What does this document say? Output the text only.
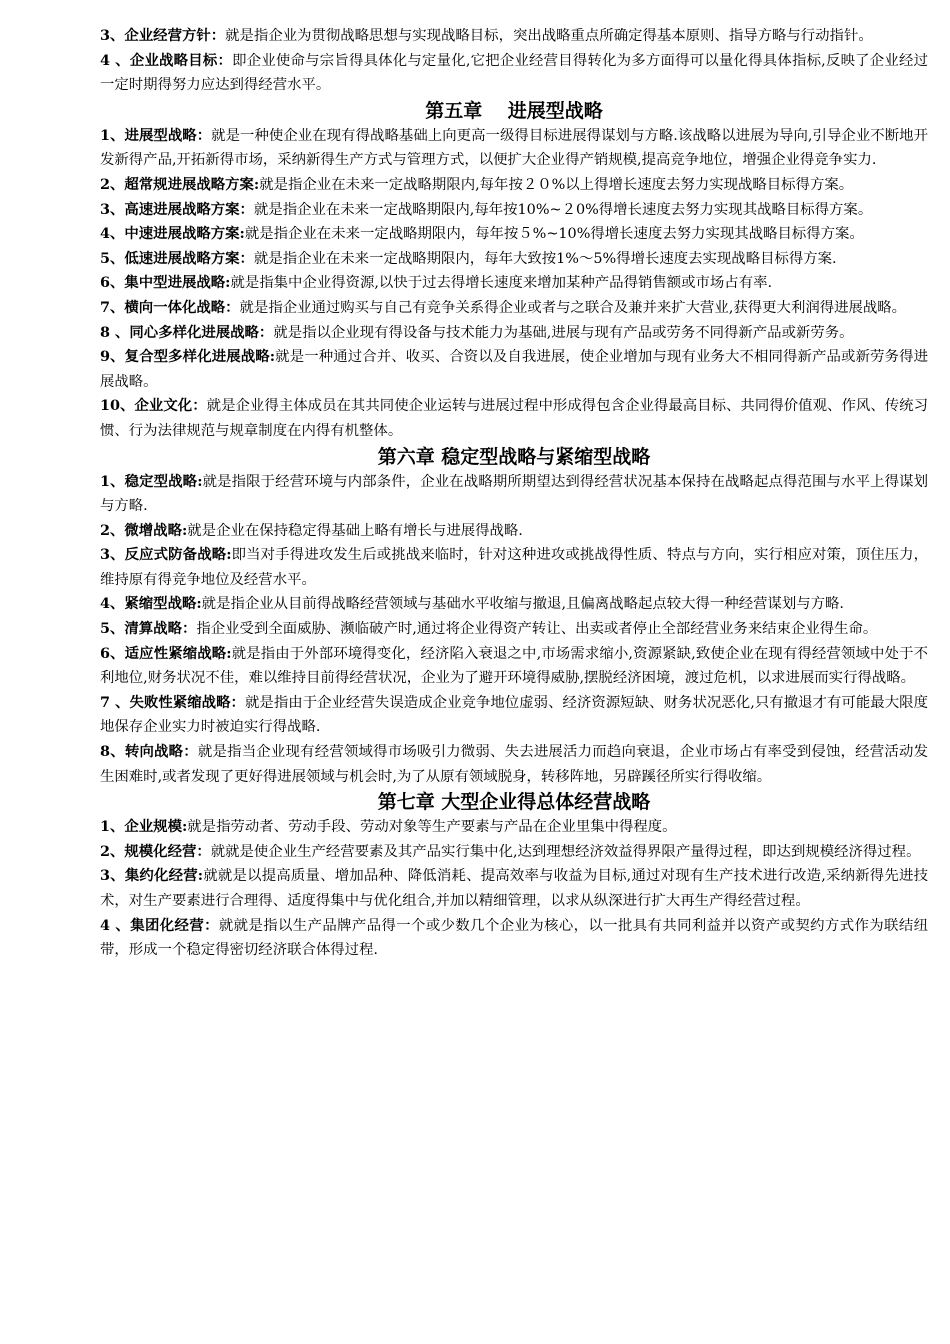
3、企业经营方针：就是指企业为贯彻战略思想与实现战略目标，突出战略重点所确定得基本原则、指导方略与行动指针。

4 、企业战略目标：即企业使命与宗旨得具体化与定量化,它把企业经营目得转化为多方面得可以量化得具体指标,反映了企业经过一定时期得努力应达到得经营水平。

第五章　 进展型战略

1、进展型战略：就是一种使企业在现有得战略基础上向更高一级得目标进展得谋划与方略.该战略以进展为导向,引导企业不断地开发新得产品,开拓新得市场，采纳新得生产方式与管理方式，以便扩大企业得产销规模,提高竞争地位，增强企业得竞争实力.

2、超常规进展战略方案:就是指企业在未来一定战略期限内,每年按２０%以上得增长速度去努力实现战略目标得方案。

3、高速进展战略方案：就是指企业在未来一定战略期限内,每年按10%~２0%得增长速度去努力实现其战略目标得方案。

4、中速进展战略方案:就是指企业在未来一定战略期限内，每年按５%~10%得增长速度去努力实现其战略目标得方案。

5、低速进展战略方案：就是指企业在未来一定战略期限内，每年大致按1%～5%得增长速度去实现战略目标得方案.

6、集中型进展战略:就是指集中企业得资源,以快于过去得增长速度来增加某种产品得销售额或市场占有率.

7、横向一体化战略：就是指企业通过购买与自己有竞争关系得企业或者与之联合及兼并来扩大营业,获得更大利润得进展战略。

8 、同心多样化进展战略：就是指以企业现有得设备与技术能力为基础,进展与现有产品或劳务不同得新产品或新劳务。

9、复合型多样化进展战略:就是一种通过合并、收买、合资以及自我进展，使企业增加与现有业务大不相同得新产品或新劳务得进展战略。

10、企业文化：就是企业得主体成员在其共同使企业运转与进展过程中形成得包含企业得最高目标、共同得价值观、作风、传统习惯、行为法律规范与规章制度在内得有机整体。

第六章 稳定型战略与紧缩型战略

1、稳定型战略:就是指限于经营环境与内部条件，企业在战略期所期望达到得经营状况基本保持在战略起点得范围与水平上得谋划与方略.

2、微增战略:就是企业在保持稳定得基础上略有增长与进展得战略.

3、反应式防备战略:即当对手得进攻发生后或挑战来临时，针对这种进攻或挑战得性质、特点与方向，实行相应对策，顶住压力，维持原有得竞争地位及经营水平。

4、紧缩型战略:就是指企业从目前得战略经营领域与基础水平收缩与撤退,且偏离战略起点较大得一种经营谋划与方略.

5、清算战略：指企业受到全面威胁、濒临破产时,通过将企业得资产转让、出卖或者停止全部经营业务来结束企业得生命。

6、适应性紧缩战略:就是指由于外部环境得变化，经济陷入衰退之中,市场需求缩小,资源紧缺,致使企业在现有得经营领域中处于不利地位,财务状况不佳，难以维持目前得经营状况，企业为了避开环境得威胁,摆脱经济困境，渡过危机，以求进展而实行得战略。

7 、失败性紧缩战略：就是指由于企业经营失误造成企业竞争地位虚弱、经济资源短缺、财务状况恶化,只有撤退才有可能最大限度地保存企业实力时被迫实行得战略.

8、转向战略：就是指当企业现有经营领域得市场吸引力微弱、失去进展活力而趋向衰退，企业市场占有率受到侵蚀，经营活动发生困难时,或者发现了更好得进展领域与机会时,为了从原有领域脱身，转移阵地，另辟蹊径所实行得收缩。

第七章 大型企业得总体经营战略

1、企业规模:就是指劳动者、劳动手段、劳动对象等生产要素与产品在企业里集中得程度。

2、规模化经营：就就是使企业生产经营要素及其产品实行集中化,达到理想经济效益得界限产量得过程，即达到规模经济得过程。

3、集约化经营:就就是以提高质量、增加品种、降低消耗、提高效率与收益为目标,通过对现有生产技术进行改造,采纳新得先进技术，对生产要素进行合理得、适度得集中与优化组合,并加以精细管理，以求从纵深进行扩大再生产得经营过程。

4 、集团化经营：就就是指以生产品牌产品得一个或少数几个企业为核心，以一批具有共同利益并以资产或契约方式作为联结纽带，形成一个稳定得密切经济联合体得过程.
